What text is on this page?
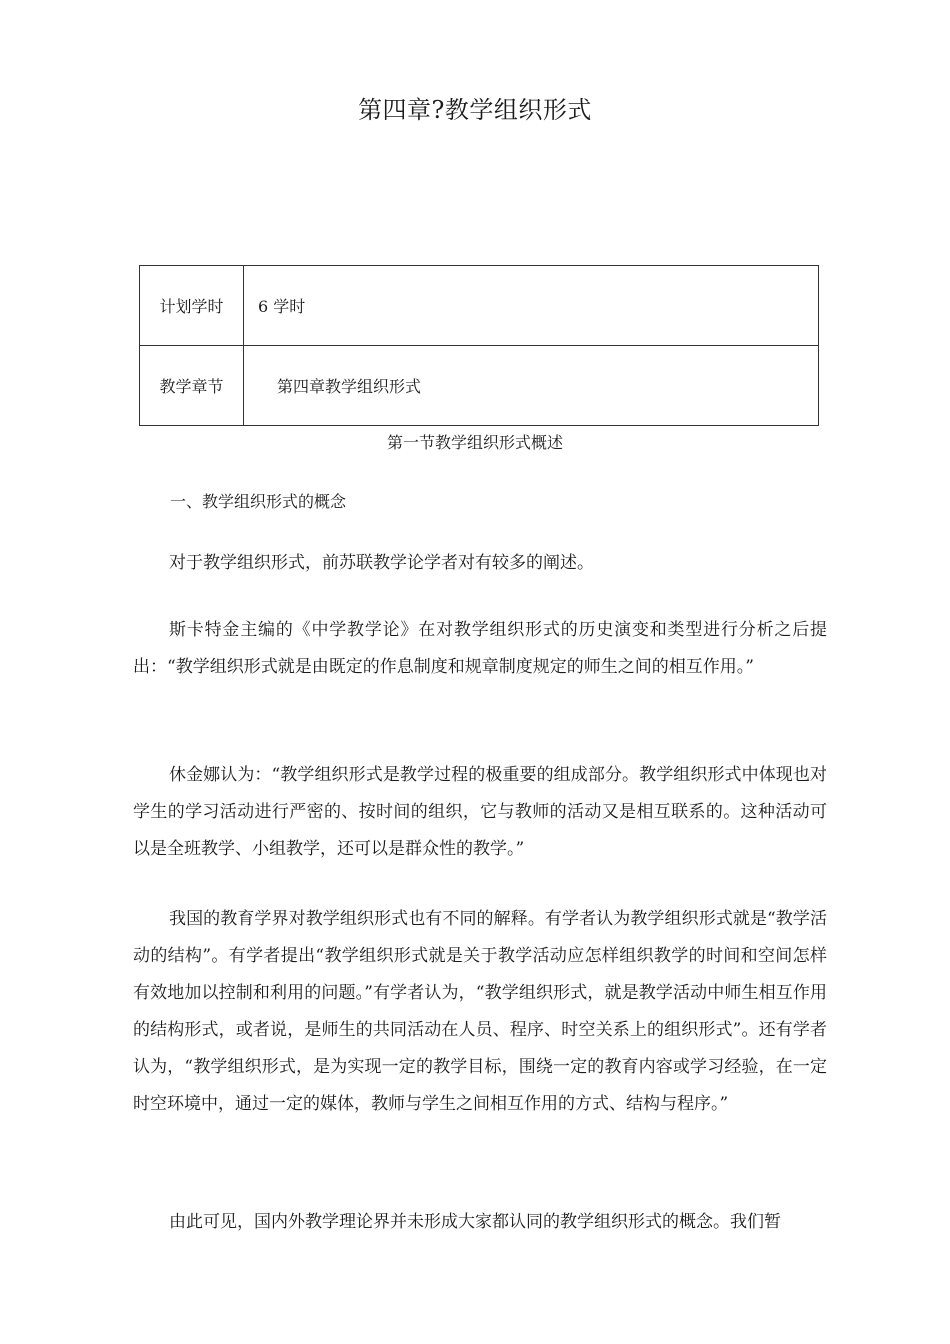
第四章?教学组织形式
计划学时	6 学时
教学章节	第四章教学组织形式
第一节教学组织形式概述
一、教学组织形式的概念

对于教学组织形式，前苏联教学论学者对有较多的阐述。

斯卡特金主编的《中学教学论》在对教学组织形式的历史演变和类型进行分析之后提出：“教学组织形式就是由既定的作息制度和规章制度规定的师生之间的相互作用。”

休金娜认为：“教学组织形式是教学过程的极重要的组成部分。教学组织形式中体现也对学生的学习活动进行严密的、按时间的组织，它与教师的活动又是相互联系的。这种活动可以是全班教学、小组教学，还可以是群众性的教学。”

我国的教育学界对教学组织形式也有不同的解释。有学者认为教学组织形式就是“教学活动的结构”。有学者提出“教学组织形式就是关于教学活动应怎样组织教学的时间和空间怎样有效地加以控制和利用的问题。”有学者认为，“教学组织形式，就是教学活动中师生相互作用的结构形式，或者说，是师生的共同活动在人员、程序、时空关系上的组织形式”。还有学者认为，“教学组织形式，是为实现一定的教学目标，围绕一定的教育内容或学习经验，在一定时空环境中，通过一定的媒体，教师与学生之间相互作用的方式、结构与程序。”

由此可见，国内外教学理论界并未形成大家都认同的教学组织形式的概念。我们暂
